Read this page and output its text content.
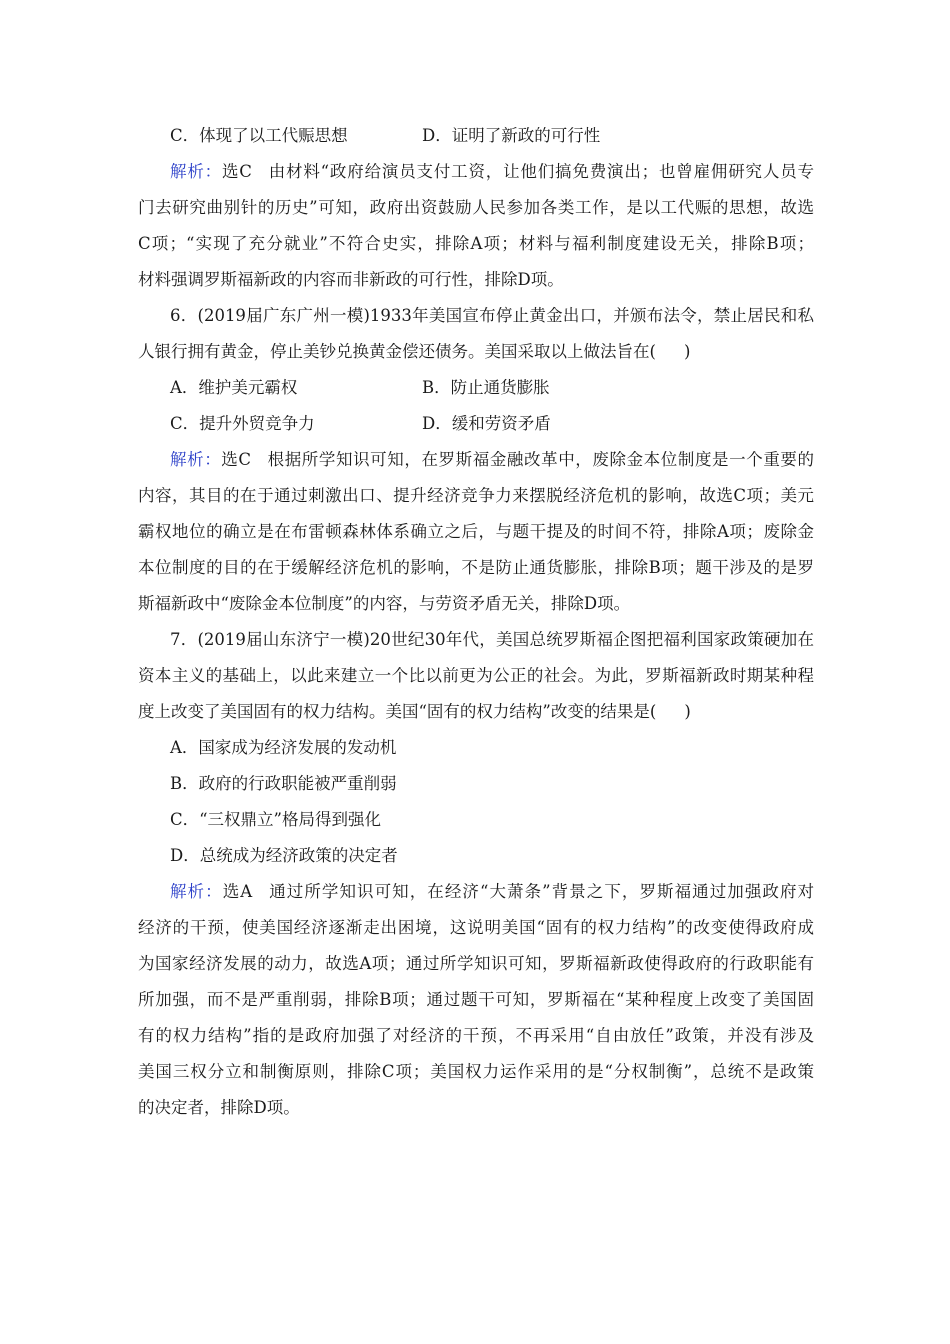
C．体现了以工代赈思想	D．证明了新政的可行性
解析：选C 由材料“政府给演员支付工资，让他们搞免费演出；也曾雇佣研究人员专
门去研究曲别针的历史”可知，政府出资鼓励人民参加各类工作，是以工代赈的思想，故选
C项；“实现了充分就业”不符合史实，排除A项；材料与福利制度建设无关，排除B项；
材料强调罗斯福新政的内容而非新政的可行性，排除D项。
6．(2019届广东广州一模)1933年美国宣布停止黄金出口，并颁布法令，禁止居民和私
人银行拥有黄金，停止美钞兑换黄金偿还债务。美国采取以上做法旨在( )
A．维护美元霸权	B．防止通货膨胀
C．提升外贸竞争力	D．缓和劳资矛盾
解析：选C 根据所学知识可知，在罗斯福金融改革中，废除金本位制度是一个重要的
内容，其目的在于通过刺激出口、提升经济竞争力来摆脱经济危机的影响，故选C项；美元
霸权地位的确立是在布雷顿森林体系确立之后，与题干提及的时间不符，排除A项；废除金
本位制度的目的在于缓解经济危机的影响，不是防止通货膨胀，排除B项；题干涉及的是罗
斯福新政中“废除金本位制度”的内容，与劳资矛盾无关，排除D项。
7．(2019届山东济宁一模)20世纪30年代，美国总统罗斯福企图把福利国家政策硬加在
资本主义的基础上，以此来建立一个比以前更为公正的社会。为此，罗斯福新政时期某种程
度上改变了美国固有的权力结构。美国“固有的权力结构”改变的结果是( )
A．国家成为经济发展的发动机
B．政府的行政职能被严重削弱
C．“三权鼎立”格局得到强化
D．总统成为经济政策的决定者
解析：选A 通过所学知识可知，在经济“大萧条”背景之下，罗斯福通过加强政府对
经济的干预，使美国经济逐渐走出困境，这说明美国“固有的权力结构”的改变使得政府成
为国家经济发展的动力，故选A项；通过所学知识可知，罗斯福新政使得政府的行政职能有
所加强，而不是严重削弱，排除B项；通过题干可知，罗斯福在“某种程度上改变了美国固
有的权力结构”指的是政府加强了对经济的干预，不再采用“自由放任”政策，并没有涉及
美国三权分立和制衡原则，排除C项；美国权力运作采用的是“分权制衡”，总统不是政策
的决定者，排除D项。
